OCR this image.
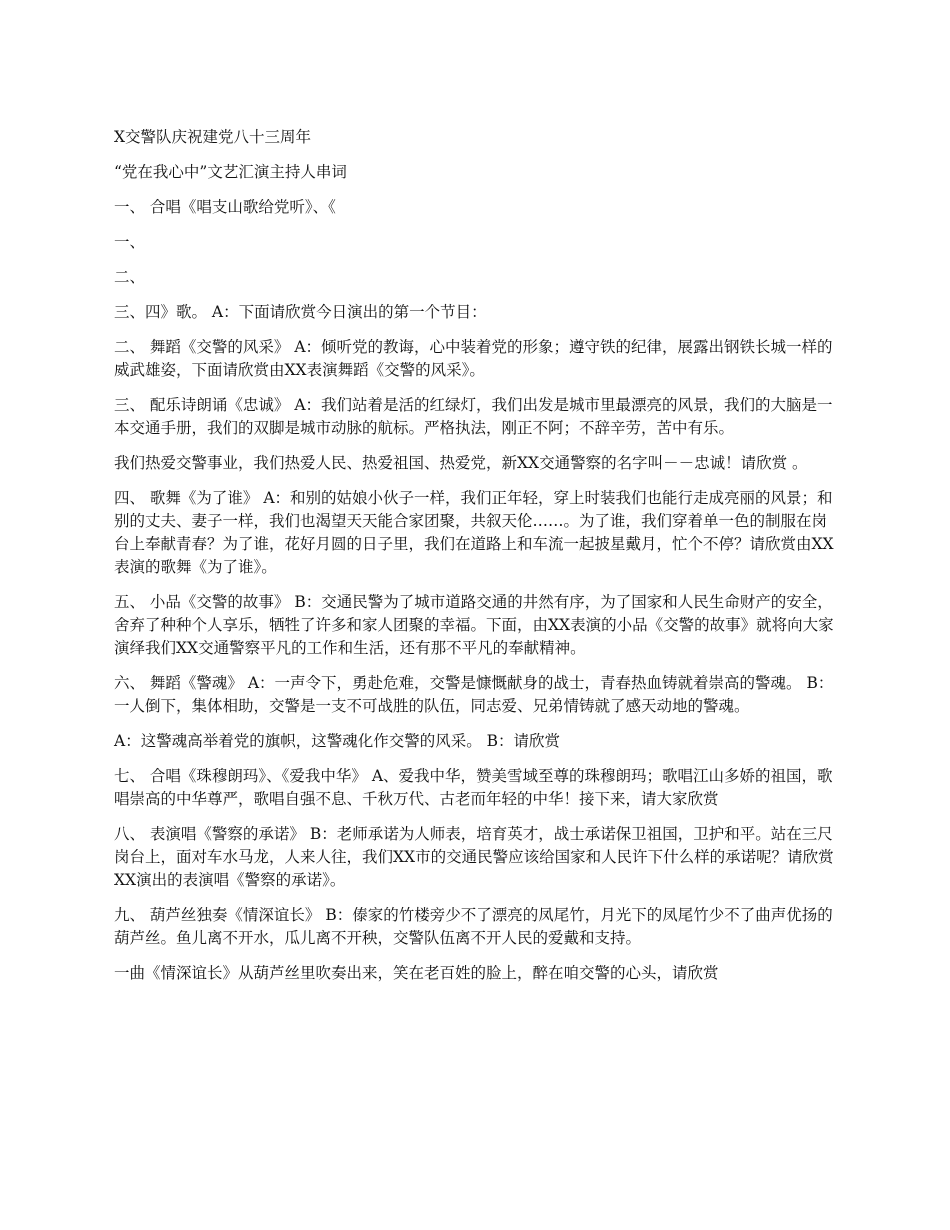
X交警队庆祝建党八十三周年

“党在我心中”文艺汇演主持人串词

一、 合唱《唱支山歌给党听》、《

一、

二、

三、四》歌。 A：下面请欣赏今日演出的第一个节目：

二、 舞蹈《交警的风采》 A：倾听党的教诲，心中装着党的形象；遵守铁的纪律，展露出钢铁长城一样的威武雄姿，下面请欣赏由XX表演舞蹈《交警的风采》。

三、 配乐诗朗诵《忠诚》 A：我们站着是活的红绿灯，我们出发是城市里最漂亮的风景，我们的大脑是一本交通手册，我们的双脚是城市动脉的航标。严格执法，刚正不阿；不辞辛劳，苦中有乐。

我们热爱交警事业，我们热爱人民、热爱祖国、热爱党，新XX交通警察的名字叫－－忠诚！请欣赏 。

四、 歌舞《为了谁》 A：和别的姑娘小伙子一样，我们正年轻，穿上时装我们也能行走成亮丽的风景；和别的丈夫、妻子一样，我们也渴望天天能合家团聚，共叙天伦……。为了谁，我们穿着单一色的制服在岗台上奉献青春？为了谁，花好月圆的日子里，我们在道路上和车流一起披星戴月，忙个不停？请欣赏由XX表演的歌舞《为了谁》。

五、 小品《交警的故事》 B：交通民警为了城市道路交通的井然有序，为了国家和人民生命财产的安全，舍弃了种种个人享乐，牺牲了许多和家人团聚的幸福。下面，由XX表演的小品《交警的故事》就将向大家演绎我们XX交通警察平凡的工作和生活，还有那不平凡的奉献精神。

六、 舞蹈《警魂》 A：一声令下，勇赴危难，交警是慷慨献身的战士，青春热血铸就着崇高的警魂。 B：一人倒下，集体相助，交警是一支不可战胜的队伍，同志爱、兄弟情铸就了感天动地的警魂。

A：这警魂高举着党的旗帜，这警魂化作交警的风采。 B：请欣赏

七、 合唱《珠穆朗玛》、《爱我中华》 A、爱我中华，赞美雪域至尊的珠穆朗玛；歌唱江山多娇的祖国，歌唱崇高的中华尊严，歌唱自强不息、千秋万代、古老而年轻的中华！接下来，请大家欣赏

八、 表演唱《警察的承诺》 B：老师承诺为人师表，培育英才，战士承诺保卫祖国，卫护和平。站在三尺岗台上，面对车水马龙，人来人往，我们XX市的交通民警应该给国家和人民许下什么样的承诺呢？请欣赏XX演出的表演唱《警察的承诺》。

九、 葫芦丝独奏《情深谊长》 B：傣家的竹楼旁少不了漂亮的凤尾竹，月光下的凤尾竹少不了曲声优扬的葫芦丝。鱼儿离不开水，瓜儿离不开秧，交警队伍离不开人民的爱戴和支持。

一曲《情深谊长》从葫芦丝里吹奏出来，笑在老百姓的脸上，醉在咱交警的心头，请欣赏
